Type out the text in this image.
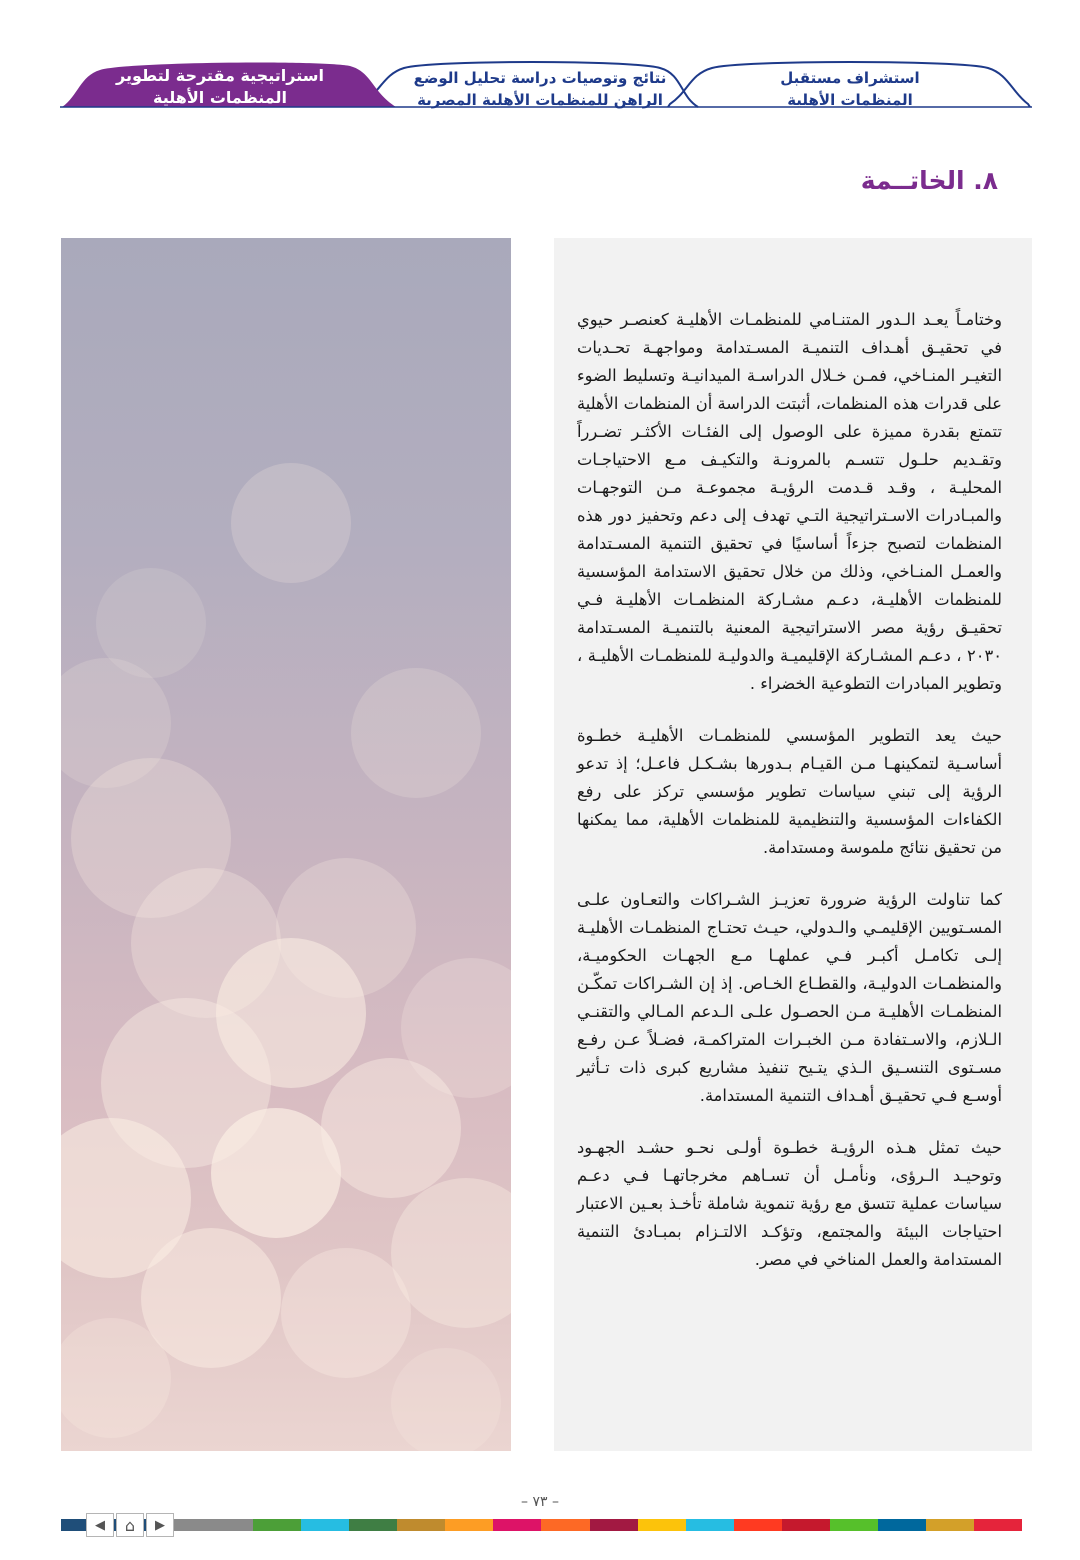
استشراف مستقبل
المنظمات الأهلية
نتائج وتوصيات دراسة تحليل الوضع
الراهن للمنظمات الأهلية المصرية
استراتيجية مقترحة لتطوير
المنظمات الأهلية
٨. الخاتــمة

وختامـاً يعـد الـدور المتنـامي للمنظمـات الأهليـة كعنصـر حيوي في تحقيـق أهـداف التنميـة المسـتدامة ومواجهـة تحـديات التغيـر المنـاخي، فمـن خـلال الدراسـة الميدانيـة وتسليط الضوء على قدرات هذه المنظمات، أثبتت الدراسة أن المنظمات الأهلية تتمتع بقدرة مميزة على الوصول إلى الفئـات الأكثـر تضـرراً وتقـديم حلـول تتسـم بالمرونـة والتكيـف مـع الاحتياجـات المحليـة ، وقـد قـدمت الرؤيـة مجموعـة مـن التوجهـات والمبـادرات الاسـتراتيجية التـي تهدف إلى دعم وتحفيز دور هذه المنظمات لتصبح جزءاً أساسيًا في تحقيق التنمية المسـتدامة والعمـل المنـاخي، وذلك من خلال تحقيق الاستدامة المؤسسية للمنظمات الأهليـة، دعـم مشـاركة المنظمـات الأهليـة فـي تحقيـق رؤية مصر الاستراتيجية المعنية بالتنميـة المسـتدامة ٢٠٣٠ ، دعـم المشـاركة الإقليميـة والدوليـة للمنظمـات الأهليـة ، وتطوير المبادرات التطوعية الخضراء .

حيث يعد التطوير المؤسسي للمنظمـات الأهليـة خطـوة أساسـية لتمكينهـا مـن القيـام بـدورها بشـكـل فاعـل؛ إذ تدعو الرؤية إلى تبني سياسات تطوير مؤسسي تركز على رفع الكفاءات المؤسسية والتنظيمية للمنظمات الأهلية، مما يمكنها من تحقيق نتائج ملموسة ومستدامة.

كما تناولت الرؤية ضرورة تعزيـز الشـراكات والتعـاون علـى المسـتويين الإقليمـي والـدولي، حيـث تحتـاج المنظمـات الأهليـة إلـى تكامـل أكبـر فـي عملهـا مـع الجهـات الحكوميـة، والمنظمـات الدوليـة، والقطـاع الخـاص. إذ إن الشـراكات تمكّـن المنظمـات الأهليـة مـن الحصـول علـى الـدعم المـالي والتقنـي الـلازم، والاسـتفادة مـن الخبـرات المتراكمـة، فضـلاً عـن رفـع مسـتوى التنسـيق الـذي يتـيح تنفيذ مشاريع كبرى ذات تـأثير أوسـع فـي تحقيـق أهـداف التنمية المستدامة.

حيث تمثل هـذه الرؤيـة خطـوة أولـى نحـو حشـد الجهـود وتوحيـد الـرؤى، ونأمـل أن تسـاهم مخرجاتهـا فـي دعـم سياسات عملية تتسق مع رؤية تنموية شاملة تأخـذ بعـين الاعتبار احتياجات البيئة والمجتمع، وتؤكـد الالتـزام بمبـادئ التنمية المستدامة والعمل المناخي في مصر.

– ٧٣ –
◀ ⌂ ▶
